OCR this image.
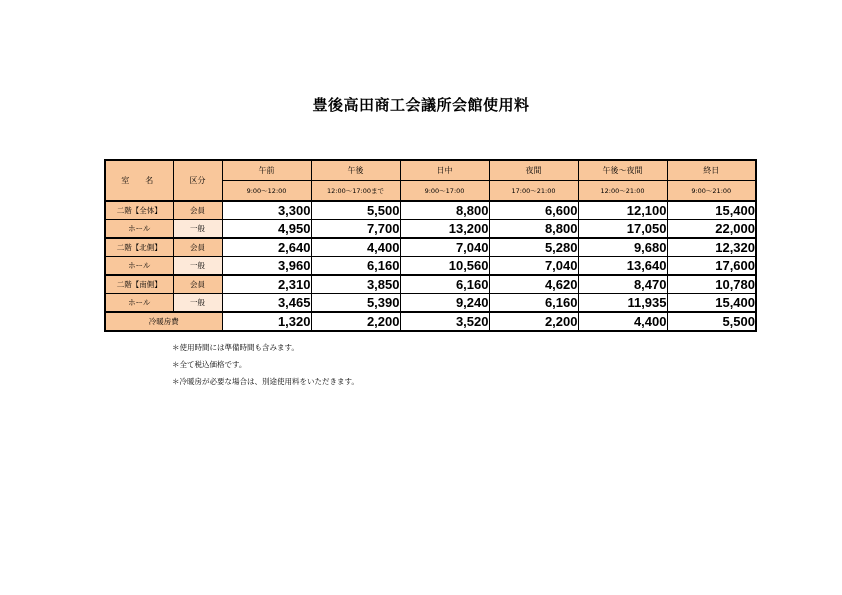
豊後高田商工会議所会館使用料
室　名	区分	午前	午後	日中	夜間	午後～夜間	終日
		9:00～12:00	12:00～17:00まで	9:00～17:00	17:00～21:00	12:00～21:00	9:00～21:00
二階【全体】	会員	3,300	5,500	8,800	6,600	12,100	15,400
ホール	一般	4,950	7,700	13,200	8,800	17,050	22,000
二階【北側】	会員	2,640	4,400	7,040	5,280	9,680	12,320
ホール	一般	3,960	6,160	10,560	7,040	13,640	17,600
二階【南側】	会員	2,310	3,850	6,160	4,620	8,470	10,780
ホール	一般	3,465	5,390	9,240	6,160	11,935	15,400
冷暖房費		1,320	2,200	3,520	2,200	4,400	5,500
＊使用時間には準備時間も含みます。
＊全て税込価格です。
＊冷暖房が必要な場合は、別途使用料をいただきます。
